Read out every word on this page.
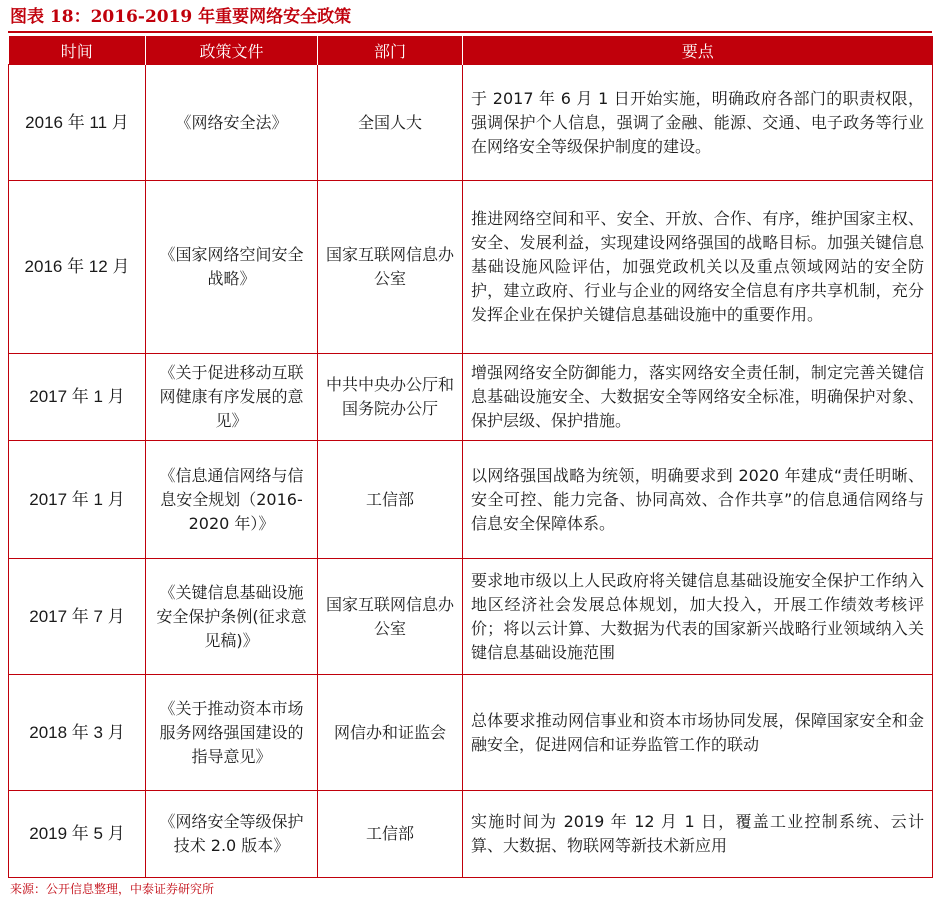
图表 18：2016-2019 年重要网络安全政策
时间	政策文件	部门	要点
2016 年 11 月	《网络安全法》	全国人大	于 2017 年 6 月 1 日开始实施，明确政府各部门的职责权限，强调保护个人信息，强调了金融、能源、交通、电子政务等行业在网络安全等级保护制度的建设。
2016 年 12 月	《国家网络空间安全战略》	国家互联网信息办公室	推进网络空间和平、安全、开放、合作、有序，维护国家主权、安全、发展利益，实现建设网络强国的战略目标。加强关键信息基础设施风险评估，加强党政机关以及重点领域网站的安全防护，建立政府、行业与企业的网络安全信息有序共享机制，充分发挥企业在保护关键信息基础设施中的重要作用。
2017 年 1 月	《关于促进移动互联网健康有序发展的意见》	中共中央办公厅和国务院办公厅	增强网络安全防御能力，落实网络安全责任制，制定完善关键信息基础设施安全、大数据安全等网络安全标准，明确保护对象、保护层级、保护措施。
2017 年 1 月	《信息通信网络与信息安全规划（2016-2020 年）》	工信部	以网络强国战略为统领，明确要求到 2020 年建成“责任明晰、安全可控、能力完备、协同高效、合作共享”的信息通信网络与信息安全保障体系。
2017 年 7 月	《关键信息基础设施安全保护条例(征求意见稿)》	国家互联网信息办公室	要求地市级以上人民政府将关键信息基础设施安全保护工作纳入地区经济社会发展总体规划，加大投入，开展工作绩效考核评价；将以云计算、大数据为代表的国家新兴战略行业领域纳入关键信息基础设施范围
2018 年 3 月	《关于推动资本市场服务网络强国建设的指导意见》	网信办和证监会	总体要求推动网信事业和资本市场协同发展，保障国家安全和金融安全，促进网信和证券监管工作的联动
2019 年 5 月	《网络安全等级保护技术 2.0 版本》	工信部	实施时间为 2019 年 12 月 1 日，覆盖工业控制系统、云计算、大数据、物联网等新技术新应用
来源：公开信息整理，中泰证券研究所
